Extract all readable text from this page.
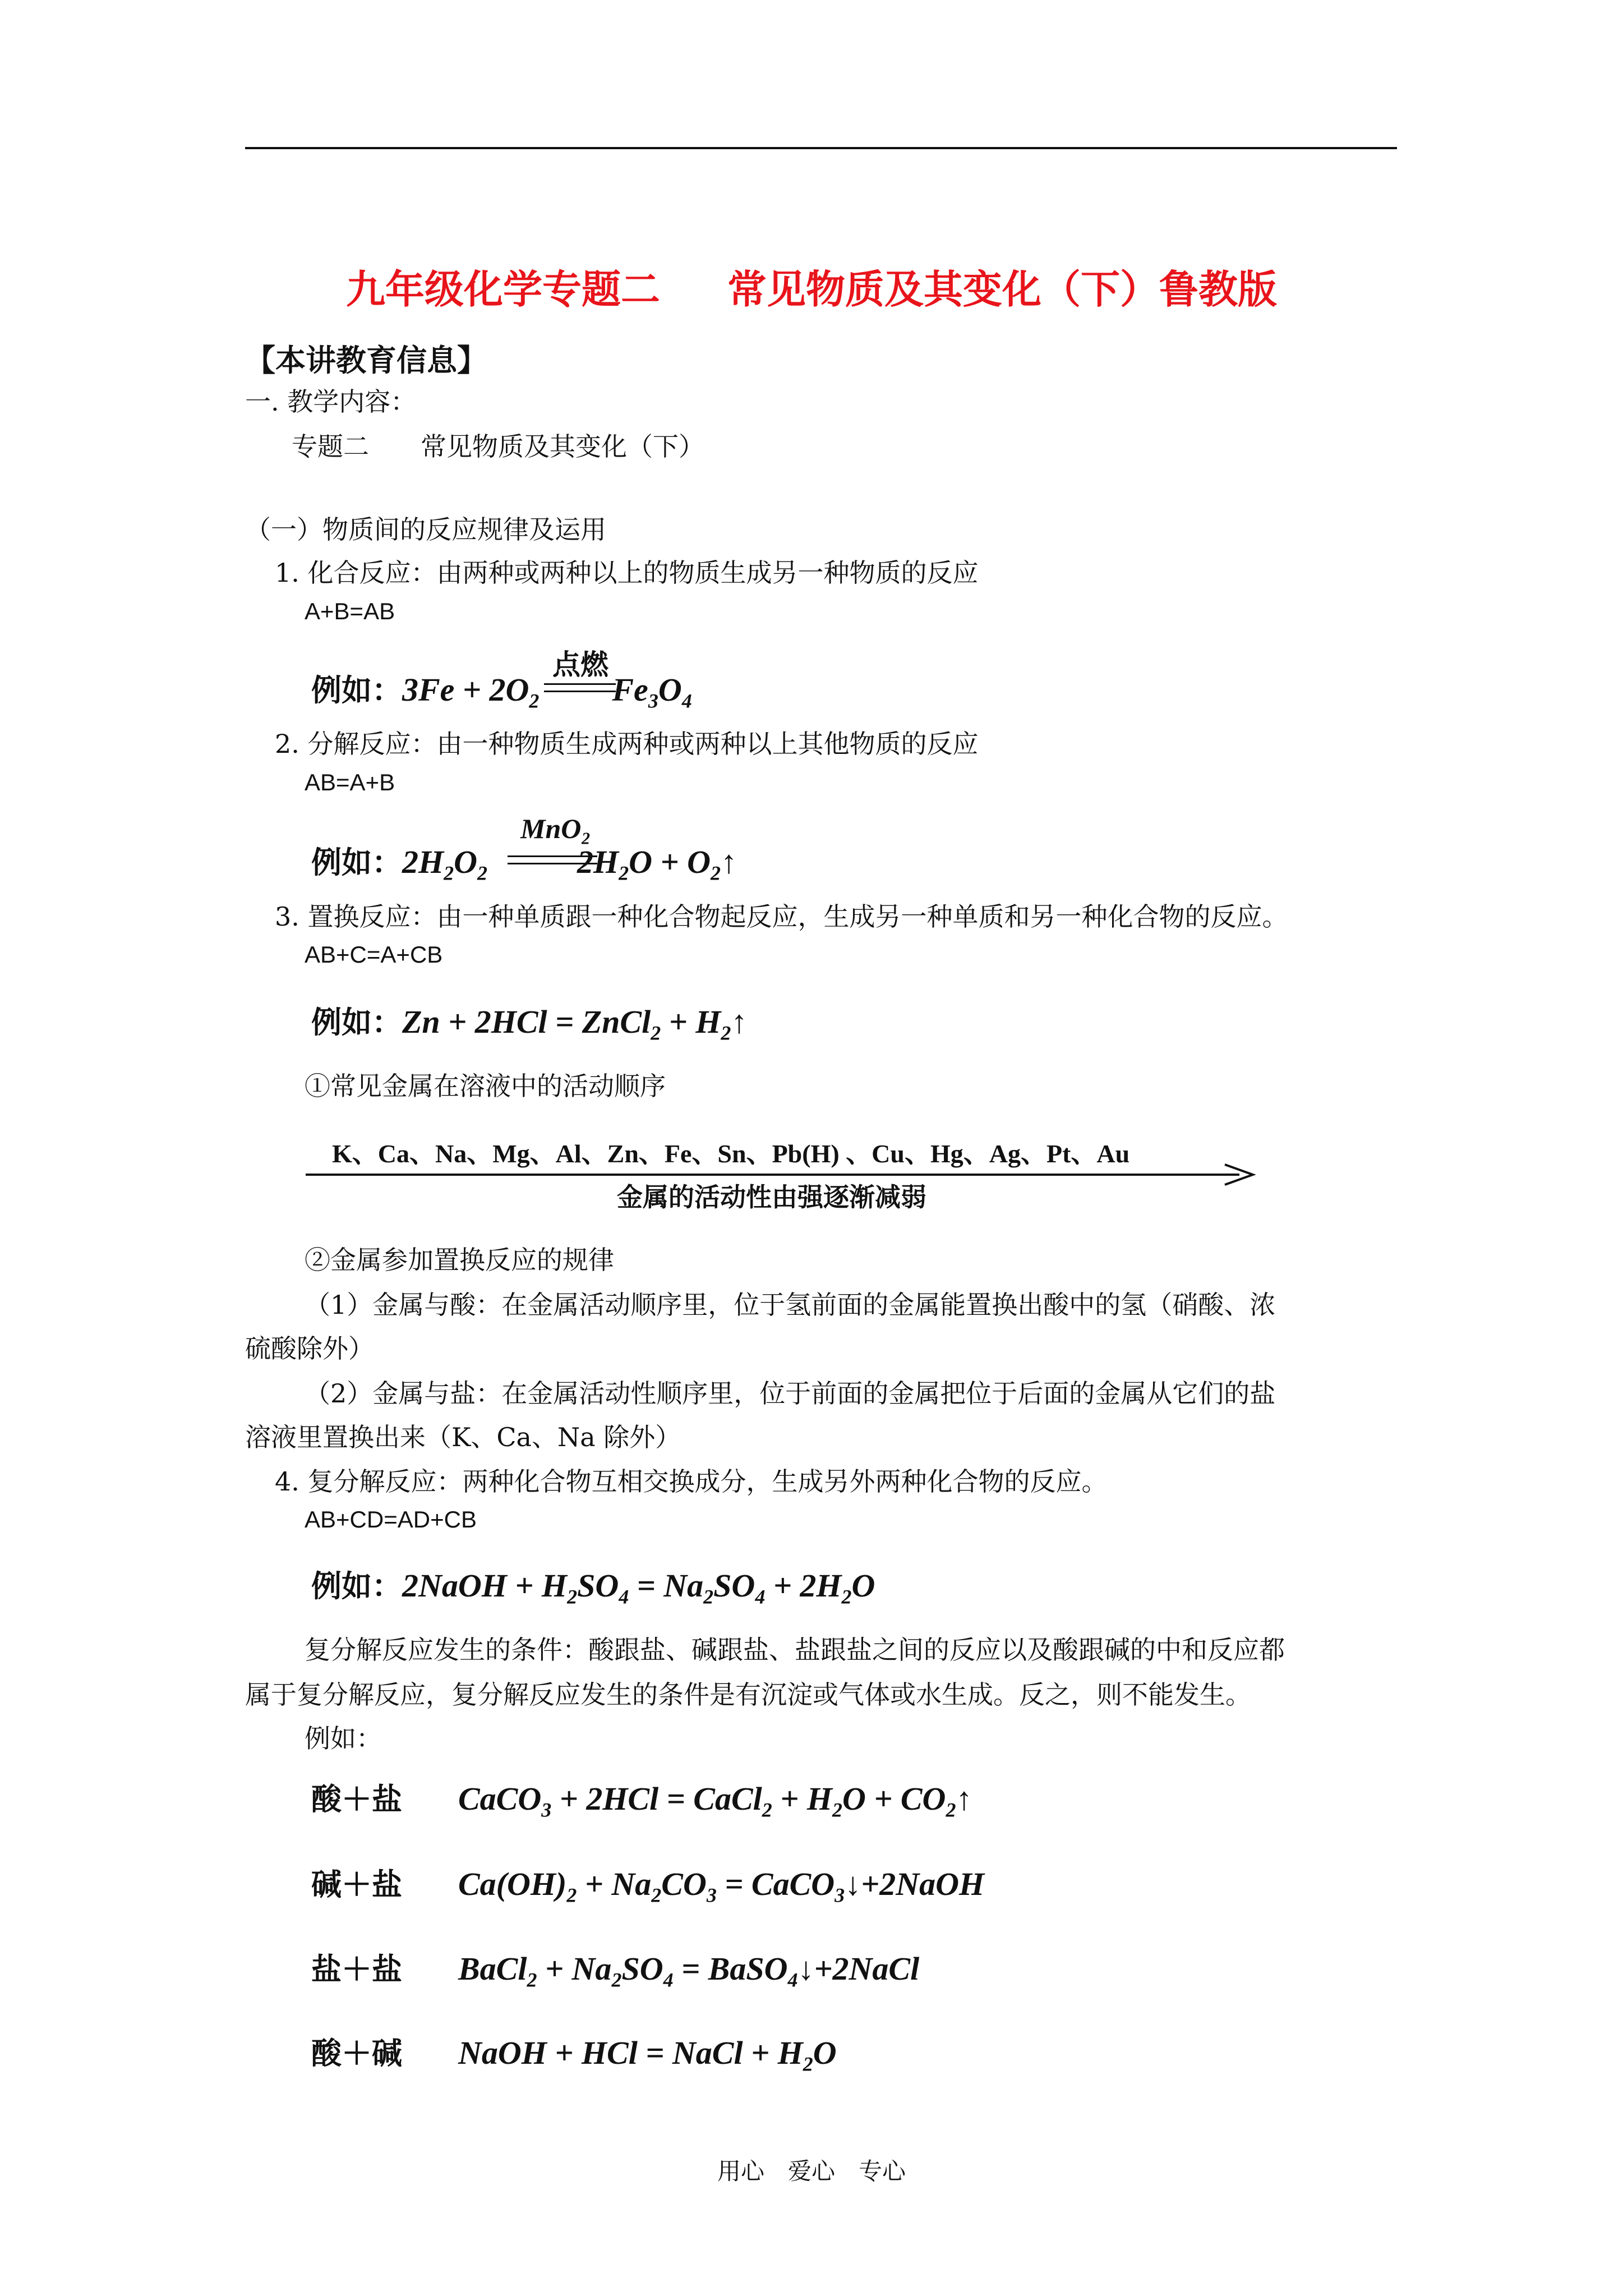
九年级化学专题二 常见物质及其变化（下）鲁教版
【本讲教育信息】
一. 教学内容：
专题二　　常见物质及其变化（下）
（一）物质间的反应规律及运用
1. 化合反应：由两种或两种以上的物质生成另一种物质的反应
A+B=AB
例如：$3Fe + 2O_2$ $Fe_3O_4$
点燃
2. 分解反应：由一种物质生成两种或两种以上其他物质的反应
AB=A+B
例如：$2H_2O_2$	$2H_2O$ + $O_2↑$
MnO₂
3. 置换反应：由一种单质跟一种化合物起反应，生成另一种单质和另一种化合物的反应。
AB+C=A+CB
例如：Zn + 2HCl = ZnCl$_2$ + $H_2↑$
①常见金属在溶液中的活动顺序
K、Ca、Na、Mg、Al、Zn、Fe、Sn、Pb(H) 、Cu、Hg、Ag、Pt、Au
金属的活动性由强逐渐减弱
②金属参加置换反应的规律
（1）金属与酸：在金属活动顺序里，位于氢前面的金属能置换出酸中的氢（硝酸、浓
硫酸除外）
（2）金属与盐：在金属活动性顺序里，位于前面的金属把位于后面的金属从它们的盐
溶液里置换出来（K、Ca、Na 除外）
4. 复分解反应：两种化合物互相交换成分，生成另外两种化合物的反应。
AB+CD=AD+CB
例如：2NaOH + $H_2SO_4 = Na_2SO_4 + 2H_2O$
复分解反应发生的条件：酸跟盐、碱跟盐、盐跟盐之间的反应以及酸跟碱的中和反应都
属于复分解反应，复分解反应发生的条件是有沉淀或气体或水生成。反之，则不能发生。
例如：
酸＋盐 CaCO$_3$ + 2HCl = CaCl$_2$ + $H_2O$ + $CO_2↑$
碱＋盐 $Ca(OH)_2 + Na_2CO_3$ = CaCO$_3$↓+2NaOH
盐＋盐 BaCl$_2$ + $Na_2SO_4$ = BaSO$_4$↓+2NaCl
酸＋碱 NaOH + HCl = NaCl + $H_2O$
用心　爱心　专心
